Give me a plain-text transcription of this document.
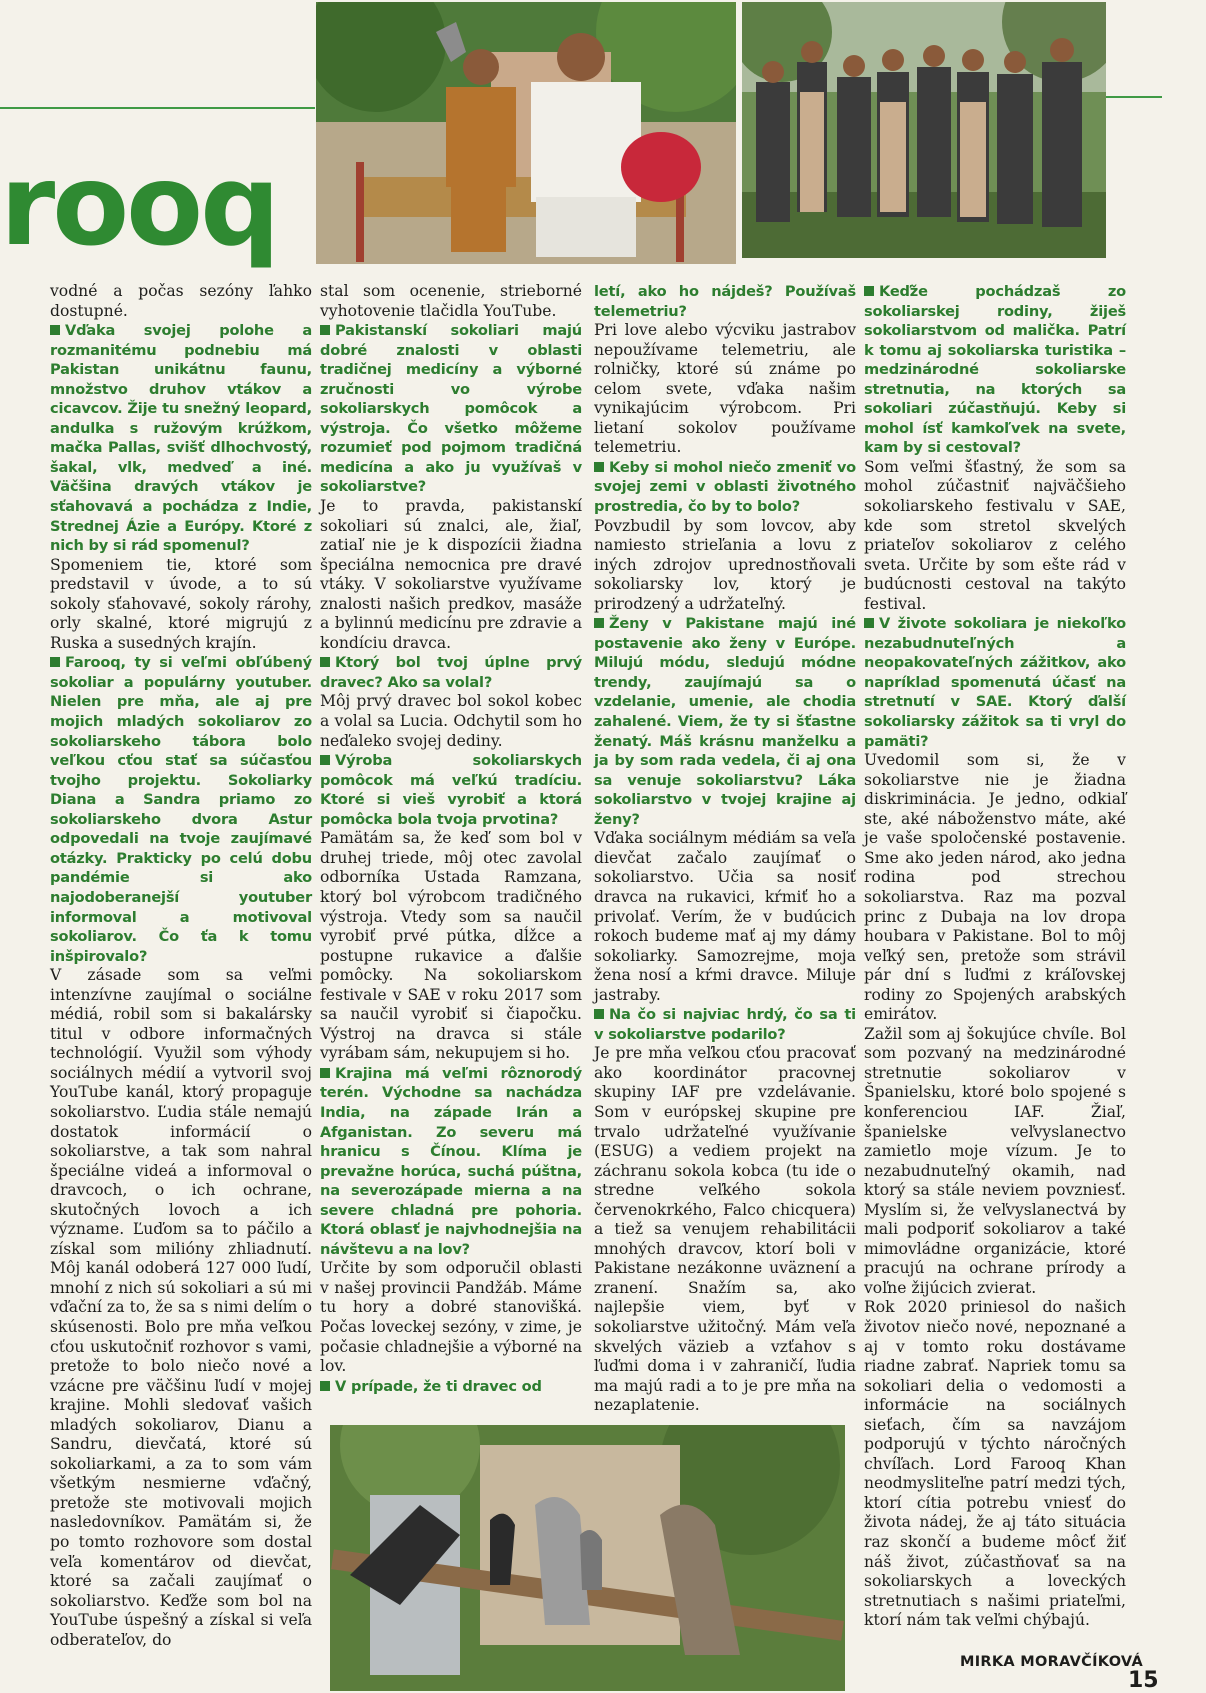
rooq

vodné a počas sezóny ľahko dostupné.

Vďaka svojej polohe a rozmanitému podnebiu má Pakistan unikátnu faunu, množstvo druhov vtákov a cicavcov. Žije tu snežný leopard, andulka s ružovým krúžkom, mačka Pallas, svišť dlhochvostý, šakal, vlk, medveď a iné. Väčšina dravých vtákov je sťahovavá a pochádza z Indie, Strednej Ázie a Európy. Ktoré z nich by si rád spomenul?

Spomeniem tie, ktoré som predstavil v úvode, a to sú sokoly sťahovavé, sokoly rárohy, orly skalné, ktoré migrujú z Ruska a susedných krajín.

Farooq, ty si veľmi obľúbený sokoliar a populárny youtuber. Nielen pre mňa, ale aj pre mojich mladých sokoliarov zo sokoliarskeho tábora bolo veľkou cťou stať sa súčasťou tvojho projektu. Sokoliarky Diana a Sandra priamo zo sokoliarskeho dvora Astur odpovedali na tvoje zaujímavé otázky. Prakticky po celú dobu pandémie si ako najodoberanejší youtuber informoval a motivoval sokoliarov. Čo ťa k tomu inšpirovalo?

V zásade som sa veľmi intenzívne zaujímal o sociálne médiá, robil som si bakalársky titul v odbore informačných technológií. Využil som výhody sociálnych médií a vytvoril svoj YouTube kanál, ktorý propaguje sokoliarstvo. Ľudia stále nemajú dostatok informácií o sokoliarstve, a tak som nahral špeciálne videá a informoval o dravcoch, o ich ochrane, skutočných lovoch a ich význame. Ľuďom sa to páčilo a získal som milióny zhliadnutí. Môj kanál odoberá 127 000 ľudí, mnohí z nich sú sokoliari a sú mi vďační za to, že sa s nimi delím o skúsenosti. Bolo pre mňa veľkou cťou uskutočniť rozhovor s vami, pretože to bolo niečo nové a vzácne pre väčšinu ľudí v mojej krajine. Mohli sledovať vašich mladých sokoliarov, Dianu a Sandru, dievčatá, ktoré sú sokoliarkami, a za to som vám všetkým nesmierne vďačný, pretože ste motivovali mojich nasledovníkov. Pamätám si, že po tomto rozhovore som dostal veľa komentárov od dievčat, ktoré sa začali zaujímať o sokoliarstvo. Keďže som bol na YouTube úspešný a získal si veľa odberateľov, do

stal som ocenenie, strieborné vyhotovenie tlačidla YouTube.

Pakistanskí sokoliari majú dobré znalosti v oblasti tradičnej medicíny a výborné zručnosti vo výrobe sokoliarskych pomôcok a výstroja. Čo všetko môžeme rozumieť pod pojmom tradičná medicína a ako ju využívaš v sokoliarstve?

Je to pravda, pakistanskí sokoliari sú znalci, ale, žiaľ, zatiaľ nie je k dispozícii žiadna špeciálna nemocnica pre dravé vtáky. V sokoliarstve využívame znalosti našich predkov, masáže a bylinnú medicínu pre zdravie a kondíciu dravca.

Ktorý bol tvoj úplne prvý dravec? Ako sa volal?

Môj prvý dravec bol sokol kobec a volal sa Lucia. Odchytil som ho neďaleko svojej dediny.

Výroba sokoliarskych pomôcok má veľkú tradíciu. Ktoré si vieš vyrobiť a ktorá pomôcka bola tvoja prvotina?

Pamätám sa, že keď som bol v druhej triede, môj otec zavolal odborníka Ustada Ramzana, ktorý bol výrobcom tradičného výstroja. Vtedy som sa naučil vyrobiť prvé pútka, dĺžce a postupne rukavice a ďalšie pomôcky. Na sokoliarskom festivale v SAE v roku 2017 som sa naučil vyrobiť si čiapočku. Výstroj na dravca si stále vyrábam sám, nekupujem si ho.

Krajina má veľmi rôznorodý terén. Východne sa nachádza India, na západe Irán a Afganistan. Zo severu má hranicu s Čínou. Klíma je prevažne horúca, suchá púštna, na severozápade mierna a na severe chladná pre pohoria. Ktorá oblasť je najvhodnejšia na návštevu a na lov?

Určite by som odporučil oblasti v našej provincii Pandžáb. Máme tu hory a dobré stanovišká. Počas loveckej sezóny, v zime, je počasie chladnejšie a výborné na lov.

V prípade, že ti dravec od

letí, ako ho nájdeš? Používaš telemetriu?

Pri love alebo výcviku jastrabov nepoužívame telemetriu, ale rolničky, ktoré sú známe po celom svete, vďaka našim vynikajúcim výrobcom. Pri lietaní sokolov používame telemetriu.

Keby si mohol niečo zmeniť vo svojej zemi v oblasti životného prostredia, čo by to bolo?

Povzbudil by som lovcov, aby namiesto strieľania a lovu z iných zdrojov uprednostňovali sokoliarsky lov, ktorý je prirodzený a udržateľný.

Ženy v Pakistane majú iné postavenie ako ženy v Európe. Milujú módu, sledujú módne trendy, zaujímajú sa o vzdelanie, umenie, ale chodia zahalené. Viem, že ty si šťastne ženatý. Máš krásnu manželku a ja by som rada vedela, či aj ona sa venuje sokoliarstvu? Láka sokoliarstvo v tvojej krajine aj ženy?

Vďaka sociálnym médiám sa veľa dievčat začalo zaujímať o sokoliarstvo. Učia sa nosiť dravca na rukavici, kŕmiť ho a privolať. Verím, že v budúcich rokoch budeme mať aj my dámy sokoliarky. Samozrejme, moja žena nosí a kŕmi dravce. Miluje jastraby.

Na čo si najviac hrdý, čo sa ti v sokoliarstve podarilo?

Je pre mňa veľkou cťou pracovať ako koordinátor pracovnej skupiny IAF pre vzdelávanie. Som v európskej skupine pre trvalo udržateľné využívanie (ESUG) a vediem projekt na záchranu sokola kobca (tu ide o stredne veľkého sokola červenokrkého, Falco chicquera) a tiež sa venujem rehabilitácii mnohých dravcov, ktorí boli v Pakistane nezákonne uväznení a zranení. Snažím sa, ako najlepšie viem, byť v sokoliarstve užitočný. Mám veľa skvelých väzieb a vzťahov s ľuďmi doma i v zahraničí, ľudia ma majú radi a to je pre mňa na nezaplatenie.

Keďže pochádzaš zo sokoliarskej rodiny, žiješ sokoliarstvom od malička. Patrí k tomu aj sokoliarska turistika – medzinárodné sokoliarske stretnutia, na ktorých sa sokoliari zúčastňujú. Keby si mohol ísť kamkoľvek na svete, kam by si cestoval?

Som veľmi šťastný, že som sa mohol zúčastniť najväčšieho sokoliarskeho festivalu v SAE, kde som stretol skvelých priateľov sokoliarov z celého sveta. Určite by som ešte rád v budúcnosti cestoval na takýto festival.

V živote sokoliara je niekoľko nezabudnuteľných a neopakovateľných zážitkov, ako napríklad spomenutá účasť na stretnutí v SAE. Ktorý ďalší sokoliarsky zážitok sa ti vryl do pamäti?

Uvedomil som si, že v sokoliarstve nie je žiadna diskriminácia. Je jedno, odkiaľ ste, aké náboženstvo máte, aké je vaše spoločenské postavenie. Sme ako jeden národ, ako jedna rodina pod strechou sokoliarstva. Raz ma pozval princ z Dubaja na lov dropa houbara v Pakistane. Bol to môj veľký sen, pretože som strávil pár dní s ľuďmi z kráľovskej rodiny zo Spojených arabských emirátov.

Zažil som aj šokujúce chvíle. Bol som pozvaný na medzinárodné stretnutie sokoliarov v Španielsku, ktoré bolo spojené s konferenciou IAF. Žiaľ, španielske veľvyslanectvo zamietlo moje vízum. Je to nezabudnuteľný okamih, nad ktorý sa stále neviem povzniesť. Myslím si, že veľvyslanectvá by mali podporiť sokoliarov a také mimovládne organizácie, ktoré pracujú na ochrane prírody a voľne žijúcich zvierat.

Rok 2020 priniesol do našich životov niečo nové, nepoznané a aj v tomto roku dostávame riadne zabrať. Napriek tomu sa sokoliari delia o vedomosti a informácie na sociálnych sieťach, čím sa navzájom podporujú v týchto náročných chvíľach. Lord Farooq Khan neodmysliteľne patrí medzi tých, ktorí cítia potrebu vniesť do života nádej, že aj táto situácia raz skončí a budeme môcť žiť náš život, zúčastňovať sa na sokoliarskych a loveckých stretnutiach s našimi priateľmi, ktorí nám tak veľmi chýbajú.

MIRKA MORAVČÍKOVÁ
15
